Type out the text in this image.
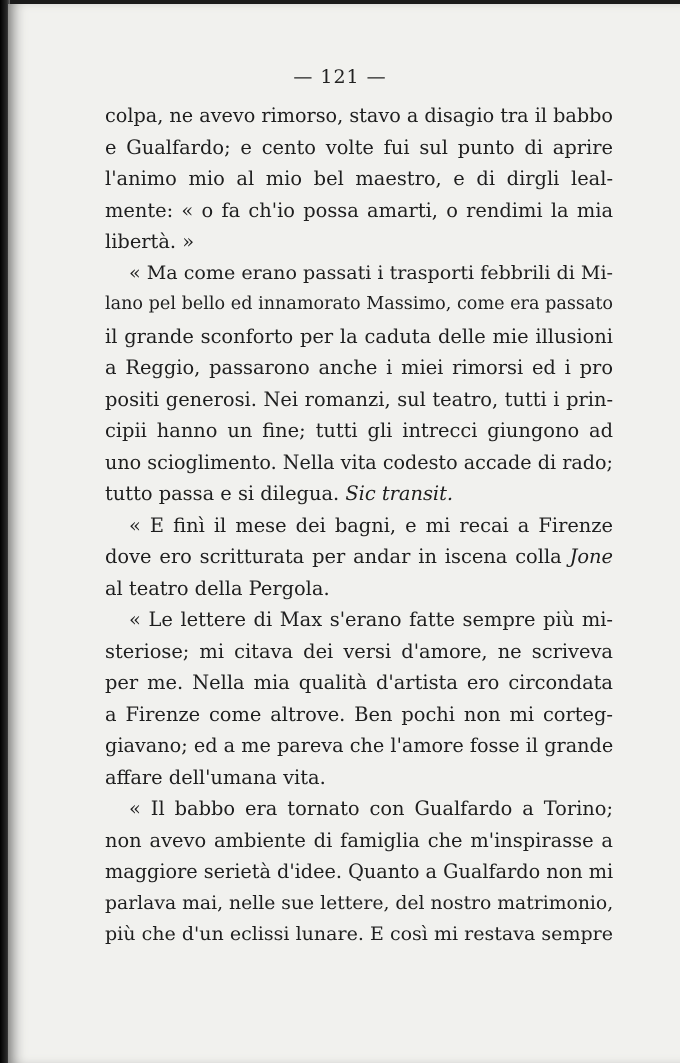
— 121 —

colpa, ne avevo rimorso, stavo a disagio tra il babbo
e Gualfardo; e cento volte fui sul punto di aprire
l'animo mio al mio bel maestro, e di dirgli leal-
mente: « o fa ch'io possa amarti, o rendimi la mia
libertà. »

« Ma come erano passati i trasporti febbrili di Mi-
lano pel bello ed innamorato Massimo, come era passato
il grande sconforto per la caduta delle mie illusioni
a Reggio, passarono anche i miei rimorsi ed i pro
positi generosi. Nei romanzi, sul teatro, tutti i prin-
cipii hanno un fine; tutti gli intrecci giungono ad
uno scioglimento. Nella vita codesto accade di rado;
tutto passa e si dilegua. Sic transit.

« E finì il mese dei bagni, e mi recai a Firenze
dove ero scritturata per andar in iscena colla Jone
al teatro della Pergola.

« Le lettere di Max s'erano fatte sempre più mi-
steriose; mi citava dei versi d'amore, ne scriveva
per me. Nella mia qualità d'artista ero circondata
a Firenze come altrove. Ben pochi non mi corteg-
giavano; ed a me pareva che l'amore fosse il grande
affare dell'umana vita.

« Il babbo era tornato con Gualfardo a Torino;
non avevo ambiente di famiglia che m'inspirasse a
maggiore serietà d'idee. Quanto a Gualfardo non mi
parlava mai, nelle sue lettere, del nostro matrimonio,
più che d'un eclissi lunare. E così mi restava sempre
